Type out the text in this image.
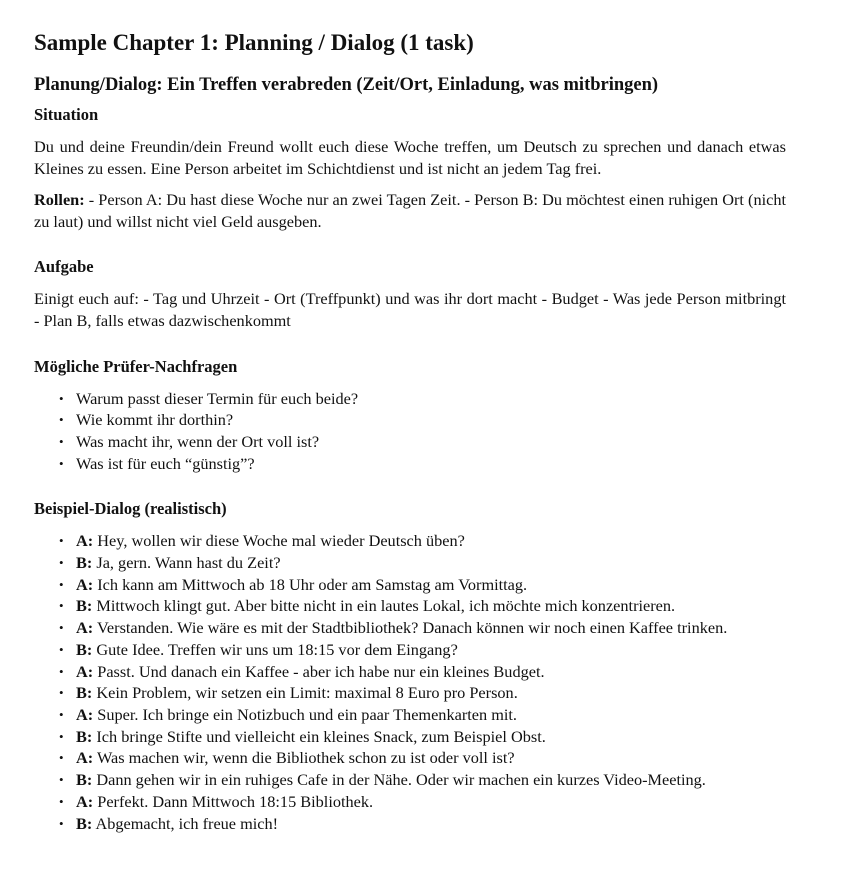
Sample Chapter 1: Planning / Dialog (1 task)
Planung/Dialog: Ein Treffen verabreden (Zeit/Ort, Einladung, was mitbringen)
Situation

Du und deine Freundin/dein Freund wollt euch diese Woche treffen, um Deutsch zu sprechen und danach etwas Kleines zu essen. Eine Person arbeitet im Schichtdienst und ist nicht an jedem Tag frei.

Rollen: - Person A: Du hast diese Woche nur an zwei Tagen Zeit. - Person B: Du möchtest einen ruhigen Ort (nicht zu laut) und willst nicht viel Geld ausgeben.

Aufgabe

Einigt euch auf: - Tag und Uhrzeit - Ort (Treffpunkt) und was ihr dort macht - Budget - Was jede Person mitbringt - Plan B, falls etwas dazwischenkommt

Mögliche Prüfer-Nachfragen
• Warum passt dieser Termin für euch beide?
• Wie kommt ihr dorthin?
• Was macht ihr, wenn der Ort voll ist?
• Was ist für euch “günstig”?
Beispiel-Dialog (realistisch)
• A: Hey, wollen wir diese Woche mal wieder Deutsch üben?
• B: Ja, gern. Wann hast du Zeit?
• A: Ich kann am Mittwoch ab 18 Uhr oder am Samstag am Vormittag.
• B: Mittwoch klingt gut. Aber bitte nicht in ein lautes Lokal, ich möchte mich konzentrieren.
• A: Verstanden. Wie wäre es mit der Stadtbibliothek? Danach können wir noch einen Kaffee trinken.
• B: Gute Idee. Treffen wir uns um 18:15 vor dem Eingang?
• A: Passt. Und danach ein Kaffee - aber ich habe nur ein kleines Budget.
• B: Kein Problem, wir setzen ein Limit: maximal 8 Euro pro Person.
• A: Super. Ich bringe ein Notizbuch und ein paar Themenkarten mit.
• B: Ich bringe Stifte und vielleicht ein kleines Snack, zum Beispiel Obst.
• A: Was machen wir, wenn die Bibliothek schon zu ist oder voll ist?
• B: Dann gehen wir in ein ruhiges Cafe in der Nähe. Oder wir machen ein kurzes Video-Meeting.
• A: Perfekt. Dann Mittwoch 18:15 Bibliothek.
• B: Abgemacht, ich freue mich!
